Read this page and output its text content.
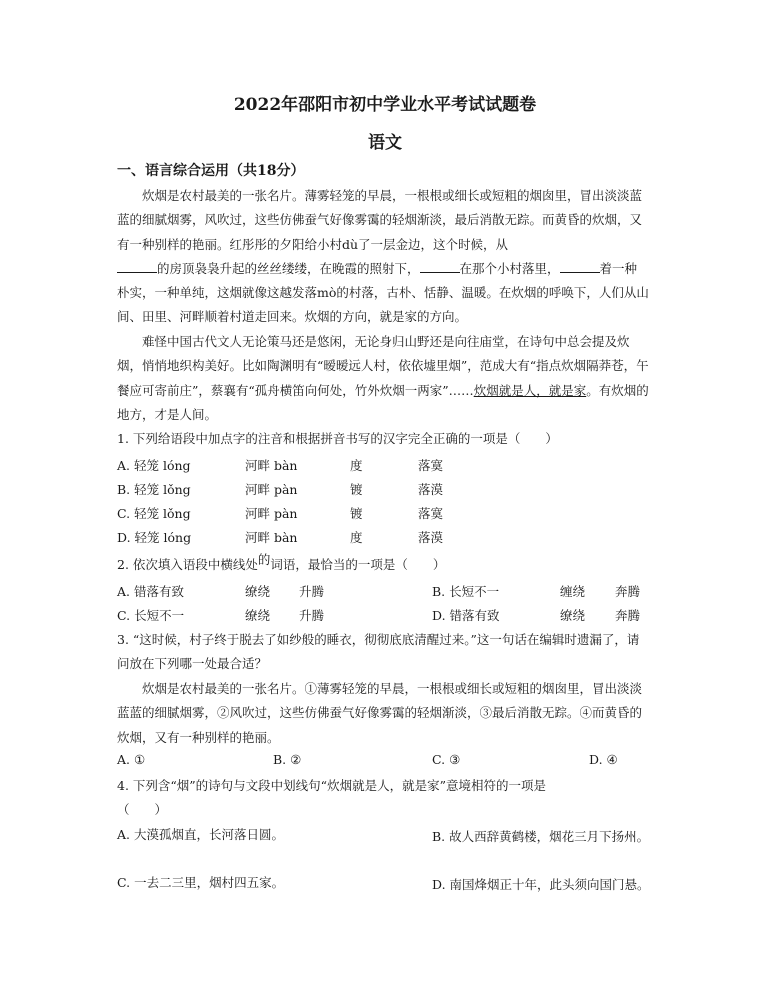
2022年邵阳市初中学业水平考试试题卷
语文
一、语言综合运用（共18分）
炊烟是农村最美的一张名片。薄雾轻笼的早晨，一根根或细长或短粗的烟囱里，冒出淡淡蓝蓝的细腻烟雾，风吹过，这些仿佛蚕气好像雾霭的轻烟渐淡，最后消散无踪。而黄昏的炊烟，又有一种别样的艳丽。红彤彤的夕阳给小村dù了一层金边，这个时候，从
的房顶袅袅升起的丝丝缕缕，在晚霞的照射下，	在那个小村落里，	着一种朴实，一种单纯，这烟就像这越发落mò的村落，古朴、恬静、温暖。在炊烟的呼唤下，人们从山间、田里、河畔顺着村道走回来。炊烟的方向，就是家的方向。
难怪中国古代文人无论策马还是悠闲，无论身归山野还是向往庙堂，在诗句中总会提及炊烟，悄悄地织构美好。比如陶渊明有“暧暧远人村，依依墟里烟”，范成大有“指点炊烟隔莽苍，午餐应可寄前庄”，蔡襄有“孤舟横笛向何处，竹外炊烟一两家”……炊烟就是人，就是家。有炊烟的地方，才是人间。
1. 下列给语段中加点字的注音和根据拼音书写的汉字完全正确的一项是（　　）
A. 轻笼 lóng	河畔 bàn	度	落寞
B. 轻笼 lǒng	河畔 pàn	镀	落漠
C. 轻笼 lǒng	河畔 pàn	镀	落寞
D. 轻笼 lóng	河畔 bàn	度	落漠
2. 依次填入语段中横线处的词语，最恰当的一项是（　　）
A. 错落有致	缭绕 升腾	B. 长短不一	缠绕 奔腾
C. 长短不一	缭绕 升腾	D. 错落有致	缭绕 奔腾
3. “这时候，村子终于脱去了如纱般的睡衣，彻彻底底清醒过来。”这一句话在编辑时遗漏了，请问放在下列哪一处最合适？
炊烟是农村最美的一张名片。①薄雾轻笼的早晨，一根根或细长或短粗的烟囱里，冒出淡淡蓝蓝的细腻烟雾，②风吹过，这些仿佛蚕气好像雾霭的轻烟渐淡，③最后消散无踪。④而黄昏的炊烟，又有一种别样的艳丽。
A. ①	B. ②	C. ③	D. ④
4. 下列含“烟”的诗句与文段中划线句“炊烟就是人，就是家”意境相符的一项是
（　　）
A. 大漠孤烟直，长河落日圆。	B. 故人西辞黄鹤楼，烟花三月下扬州。
C. 一去二三里，烟村四五家。	D. 南国烽烟正十年，此头须向国门悬。
